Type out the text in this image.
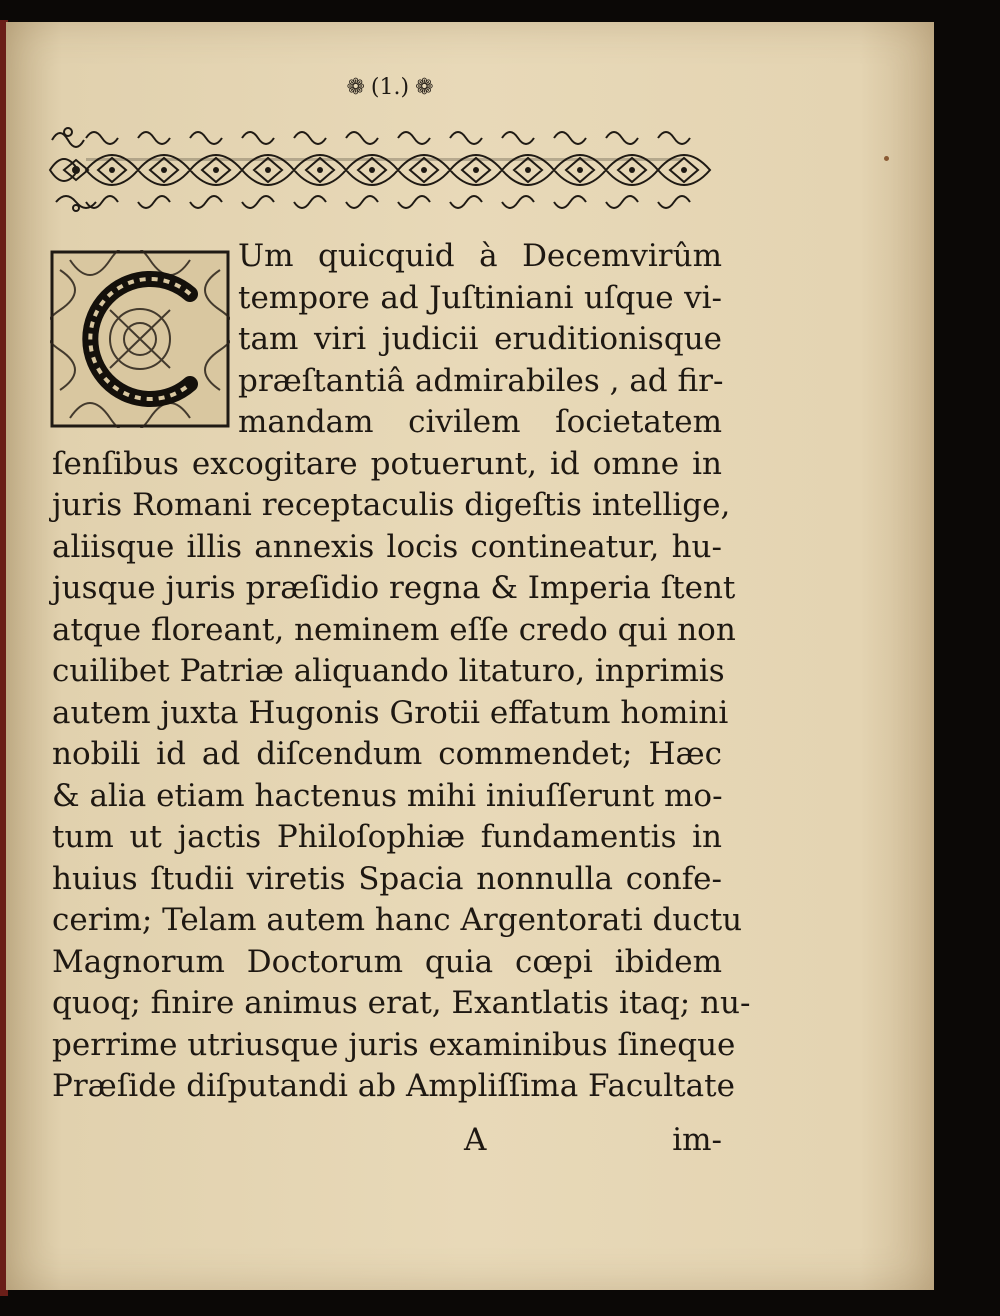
❁ (1.) ❁
Um quicquid à Decemvirûm
tempore ad Juſtiniani uſque vi-
tam viri judicii eruditionisque
præſtantiâ admirabiles , ad fir-
mandam civilem ſocietatem
ſenſibus excogitare potuerunt, id omne in
juris Romani receptaculis digeſtis intellige,
aliisque illis annexis locis contineatur, hu-
jusque juris præſidio regna & Imperia ſtent
atque floreant, neminem eſſe credo qui non
cuilibet Patriæ aliquando litaturo, inprimis
autem juxta Hugonis Grotii effatum homini
nobili id ad diſcendum commendet; Hæc
& alia etiam hactenus mihi iniuſſerunt mo-
tum ut jactis Philoſophiæ fundamentis in
huius ſtudii viretis Spacia nonnulla confe-
cerim; Telam autem hanc Argentorati ductu
Magnorum Doctorum quia cœpi ibidem
quoq; finire animus erat, Exantlatis itaq; nu-
perrime utriusque juris examinibus ſineque
Præſide diſputandi ab Ampliſſima Facultate
A	im-
